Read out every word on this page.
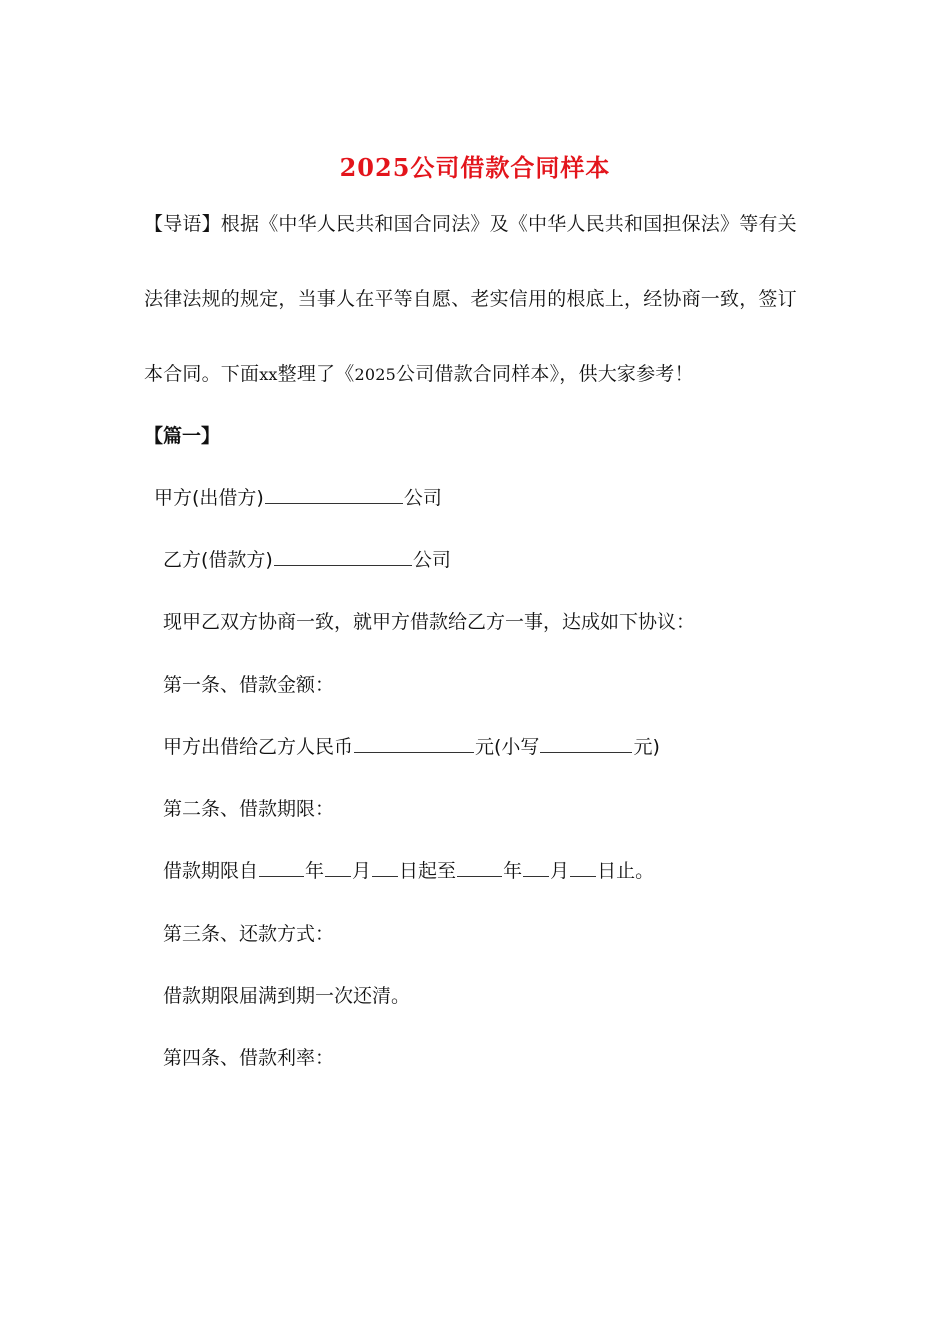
2025公司借款合同样本
【导语】根据《中华人民共和国合同法》及《中华人民共和国担保法》等有关
法律法规的规定，当事人在平等自愿、老实信用的根底上，经协商一致，签订
本合同。下面xx整理了《2025公司借款合同样本》，供大家参考！
【篇一】
甲方(出借方)	公司
乙方(借款方)	公司
现甲乙双方协商一致，就甲方借款给乙方一事，达成如下协议：
第一条、借款金额：
甲方出借给乙方人民币	元(小写	元)
第二条、借款期限：
借款期限自 年 月 日起至 年 月 日止。
第三条、还款方式：
借款期限届满到期一次还清。
第四条、借款利率：
